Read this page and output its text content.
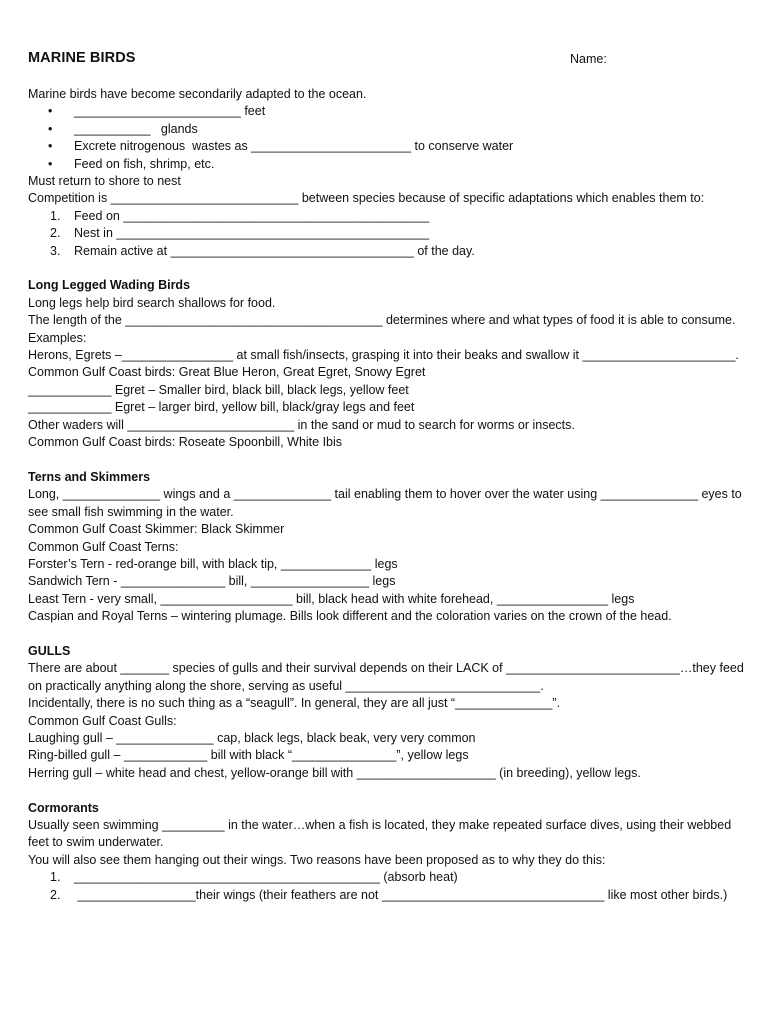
MARINE BIRDS	Name:
Marine birds have become secondarily adapted to the ocean.
• ________________________ feet
• ___________   glands
• Excrete nitrogenous  wastes as _______________________ to conserve water
• Feed on fish, shrimp, etc.
Must return to shore to nest
Competition is ___________________________ between species because of specific adaptations which enables them to:
1. Feed on ____________________________________________
2. Nest in _____________________________________________
3. Remain active at ___________________________________ of the day.
Long Legged Wading Birds
Long legs help bird search shallows for food.
The length of the _____________________________________ determines where and what types of food it is able to consume.
Examples:
Herons, Egrets –________________ at small fish/insects, grasping it into their beaks and swallow it ______________________.
Common Gulf Coast birds: Great Blue Heron, Great Egret, Snowy Egret
____________ Egret – Smaller bird, black bill, black legs, yellow feet
____________ Egret – larger bird, yellow bill, black/gray legs and feet
Other waders will ________________________ in the sand or mud to search for worms or insects.
Common Gulf Coast birds: Roseate Spoonbill, White Ibis
Terns and Skimmers
Long, ______________ wings and a ______________ tail enabling them to hover over the water using ______________ eyes to see small fish swimming in the water.
Common Gulf Coast Skimmer: Black Skimmer
Common Gulf Coast Terns:
Forster’s Tern - red-orange bill, with black tip, _____________ legs
Sandwich Tern - _______________ bill, _________________ legs
Least Tern - very small, ___________________ bill, black head with white forehead, ________________ legs
Caspian and Royal Terns – wintering plumage. Bills look different and the coloration varies on the crown of the head.
GULLS
There are about _______ species of gulls and their survival depends on their LACK of _________________________…they feed on practically anything along the shore, serving as useful ____________________________.
Incidentally, there is no such thing as a “seagull”. In general, they are all just “______________”.
Common Gulf Coast Gulls:
Laughing gull – ______________ cap, black legs, black beak, very very common
Ring-billed gull – ____________ bill with black “_______________”, yellow legs
Herring gull – white head and chest, yellow-orange bill with ____________________ (in breeding), yellow legs.
Cormorants
Usually seen swimming _________ in the water…when a fish is located, they make repeated surface dives, using their webbed feet to swim underwater.
You will also see them hanging out their wings. Two reasons have been proposed as to why they do this:
1. ____________________________________________ (absorb heat)
2. _________________their wings (their feathers are not ________________________________ like most other birds.)
